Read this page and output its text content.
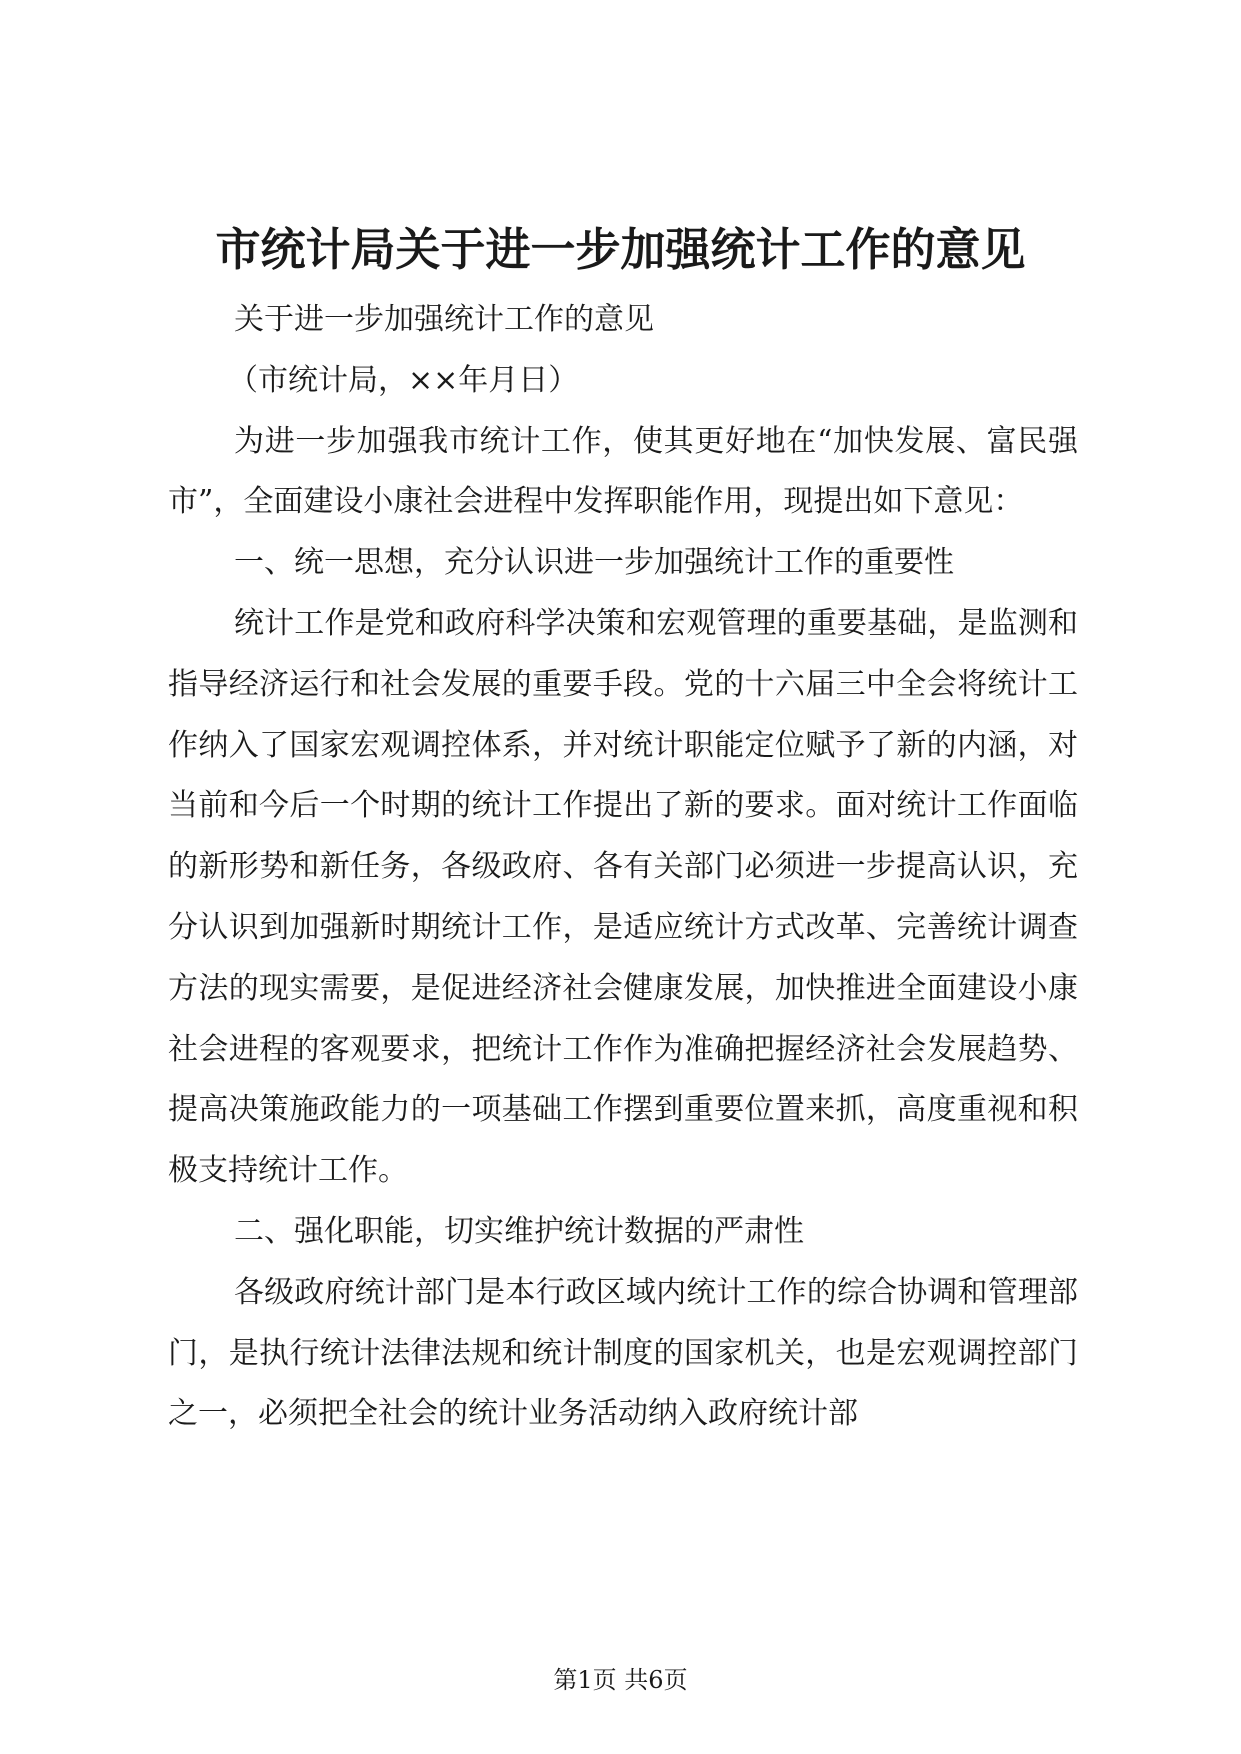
市统计局关于进一步加强统计工作的意见

关于进一步加强统计工作的意见

（市统计局，××年月日）

为进一步加强我市统计工作，使其更好地在“加快发展、富民强市”，全面建设小康社会进程中发挥职能作用，现提出如下意见：

一、统一思想，充分认识进一步加强统计工作的重要性

统计工作是党和政府科学决策和宏观管理的重要基础，是监测和指导经济运行和社会发展的重要手段。党的十六届三中全会将统计工作纳入了国家宏观调控体系，并对统计职能定位赋予了新的内涵，对当前和今后一个时期的统计工作提出了新的要求。面对统计工作面临的新形势和新任务，各级政府、各有关部门必须进一步提高认识，充分认识到加强新时期统计工作，是适应统计方式改革、完善统计调查方法的现实需要，是促进经济社会健康发展，加快推进全面建设小康社会进程的客观要求，把统计工作作为准确把握经济社会发展趋势、提高决策施政能力的一项基础工作摆到重要位置来抓，高度重视和积极支持统计工作。

二、强化职能，切实维护统计数据的严肃性

各级政府统计部门是本行政区域内统计工作的综合协调和管理部门，是执行统计法律法规和统计制度的国家机关，也是宏观调控部门之一，必须把全社会的统计业务活动纳入政府统计部

第1页 共6页
